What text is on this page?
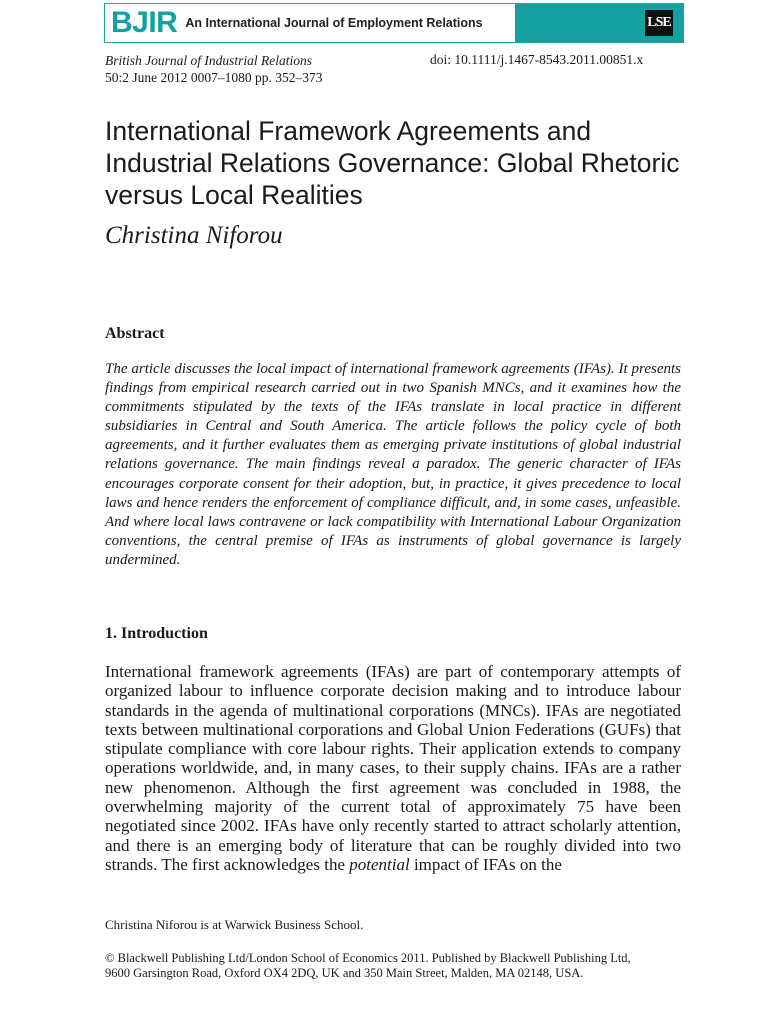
BJIR An International Journal of Employment Relations	LSE
British Journal of Industrial Relations
50:2 June 2012 0007–1080 pp. 352–373
doi: 10.1111/j.1467-8543.2011.00851.x
International Framework Agreements and Industrial Relations Governance: Global Rhetoric versus Local Realities
Christina Niforou
Abstract

The article discusses the local impact of international framework agreements (IFAs). It presents findings from empirical research carried out in two Spanish MNCs, and it examines how the commitments stipulated by the texts of the IFAs translate in local practice in different subsidiaries in Central and South America. The article follows the policy cycle of both agreements, and it further evaluates them as emerging private institutions of global industrial relations governance. The main findings reveal a paradox. The generic character of IFAs encourages corporate consent for their adoption, but, in practice, it gives precedence to local laws and hence renders the enforcement of compliance difficult, and, in some cases, unfeasible. And where local laws contravene or lack compatibility with International Labour Organization conventions, the central premise of IFAs as instruments of global governance is largely undermined.

1. Introduction

International framework agreements (IFAs) are part of contemporary attempts of organized labour to influence corporate decision making and to introduce labour standards in the agenda of multinational corporations (MNCs). IFAs are negotiated texts between multinational corporations and Global Union Federations (GUFs) that stipulate compliance with core labour rights. Their application extends to company operations worldwide, and, in many cases, to their supply chains. IFAs are a rather new phenomenon. Although the first agreement was concluded in 1988, the overwhelming majority of the current total of approximately 75 have been negotiated since 2002. IFAs have only recently started to attract scholarly attention, and there is an emerging body of literature that can be roughly divided into two strands. The first acknowledges the potential impact of IFAs on the

Christina Niforou is at Warwick Business School.
© Blackwell Publishing Ltd/London School of Economics 2011. Published by Blackwell Publishing Ltd,
9600 Garsington Road, Oxford OX4 2DQ, UK and 350 Main Street, Malden, MA 02148, USA.
